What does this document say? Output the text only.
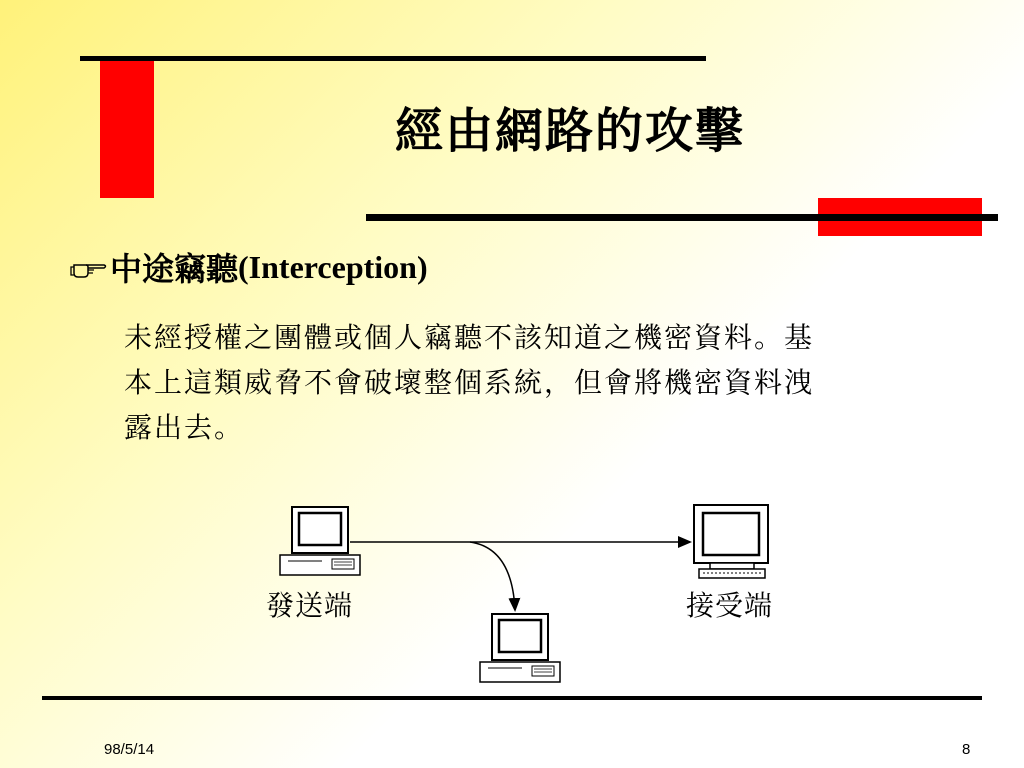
經由網路的攻擊
中途竊聽 (Interception)
未經授權之團體或個人竊聽不該知道之機密資料。基
本上這類威脅不會破壞整個系統，但會將機密資料洩
露出去。
發送端	接受端
98/5/14	8
